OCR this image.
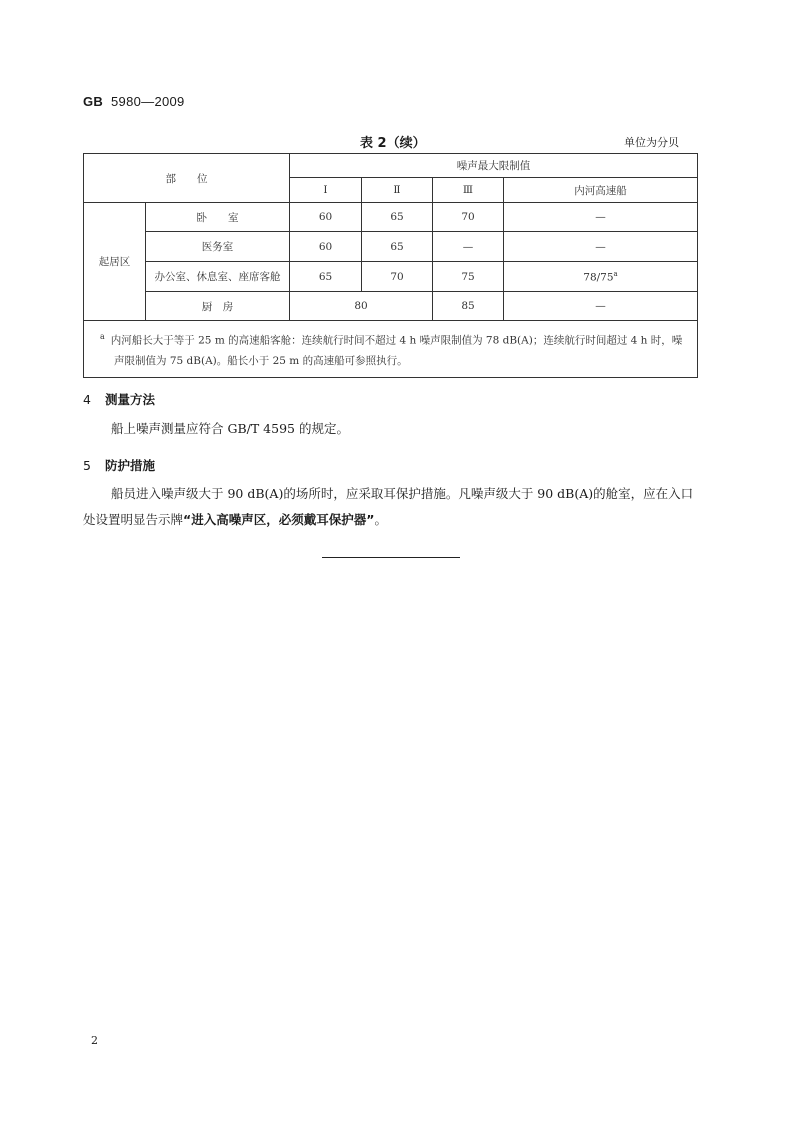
GB 5980—2009
表 2（续）	单位为分贝
部　　位		噪声最大限制值			
		Ⅰ	Ⅱ	Ⅲ	内河高速船
起居区	卧　　室	60	65	70	—
	医务室	60	65	—	—
	办公室、休息室、座席客舱	65	70	75	78/75$^a$
	厨　房	80		85	—
$^a$ 内河船长大于等于 25 m 的高速船客舱：连续航行时间不超过 4 h 噪声限制值为 78 dB(A)；连续航行时间超过 4 h 时，噪声限制值为 75 dB(A)。船长小于 25 m 的高速船可参照执行。					
4 测量方法
船上噪声测量应符合 GB/T 4595 的规定。
5 防护措施
船员进入噪声级大于 90 dB(A)的场所时，应采取耳保护措施。凡噪声级大于 90 dB(A)的舱室，应在入口处设置明显告示牌“进入高噪声区，必须戴耳保护器”。
2
